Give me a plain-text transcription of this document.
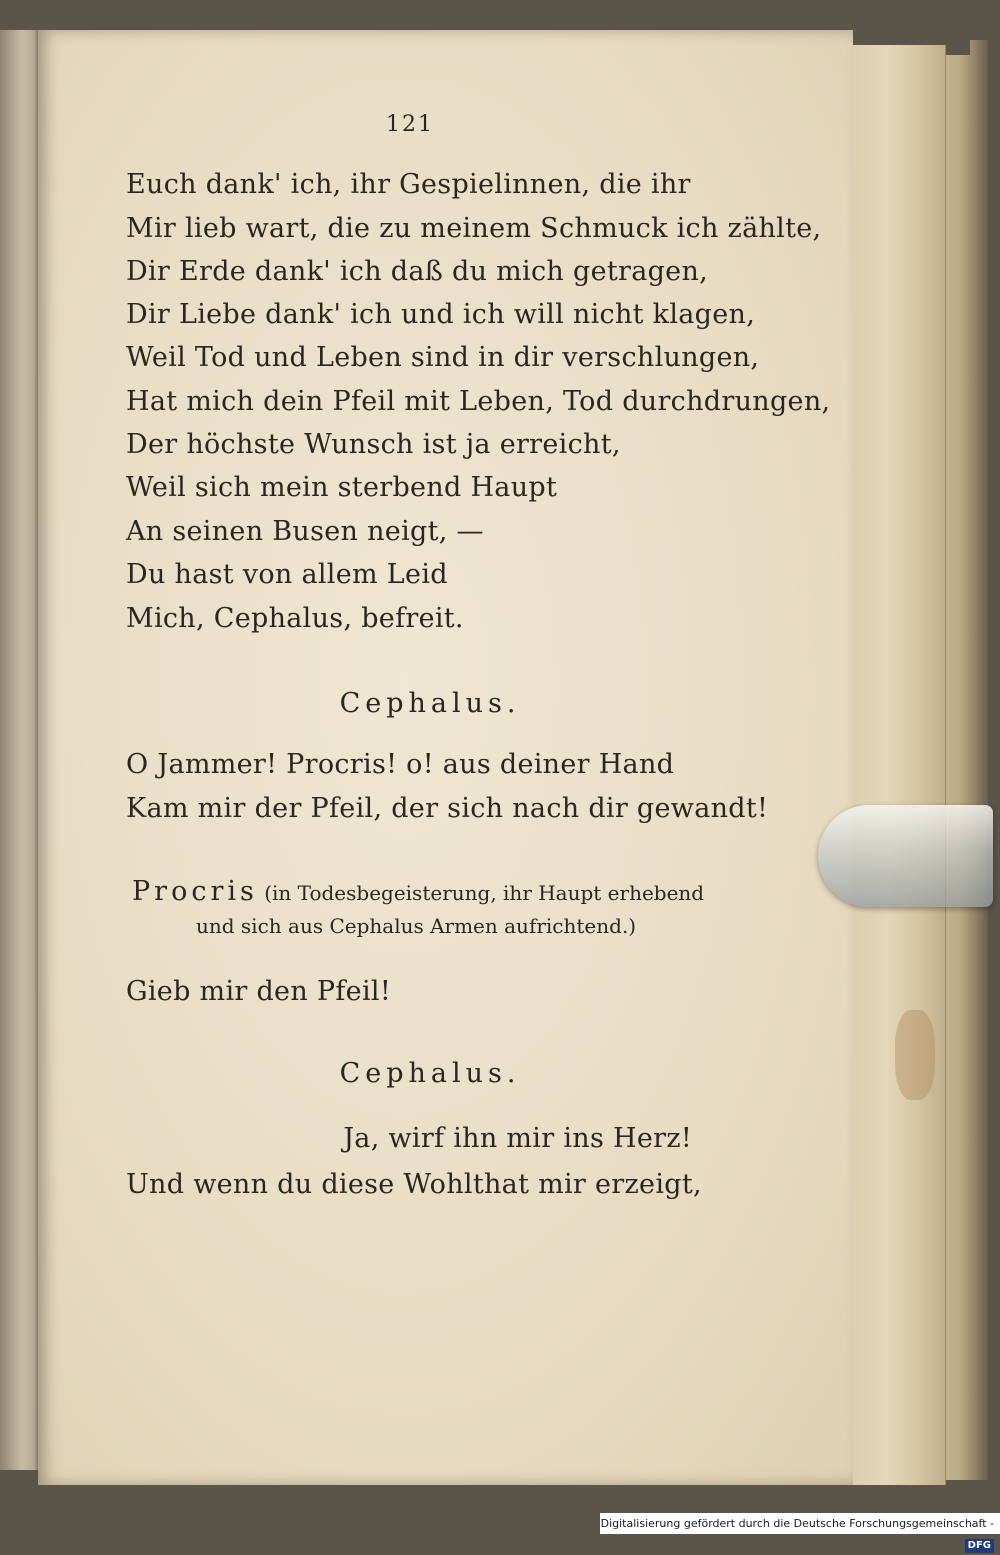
121
Euch dank' ich, ihr Gespielinnen, die ihr
Mir lieb wart, die zu meinem Schmuck ich zählte,
Dir Erde dank' ich daß du mich getragen,
Dir Liebe dank' ich und ich will nicht klagen,
Weil Tod und Leben sind in dir verschlungen,
Hat mich dein Pfeil mit Leben, Tod durchdrungen,
Der höchste Wunsch ist ja erreicht,
Weil sich mein sterbend Haupt
An seinen Busen neigt, —
Du hast von allem Leid
Mich, Cephalus, befreit.
Cephalus.
O Jammer! Procris! o! aus deiner Hand
Kam mir der Pfeil, der sich nach dir gewandt!
Procris (in Todesbegeisterung, ihr Haupt erhebend
und sich aus Cephalus Armen aufrichtend.)
Gieb mir den Pfeil!
Cephalus.
Ja, wirf ihn mir ins Herz!
Und wenn du diese Wohlthat mir erzeigt,
Digitalisierung gefördert durch die Deutsche Forschungsgemeinschaft -DFG
